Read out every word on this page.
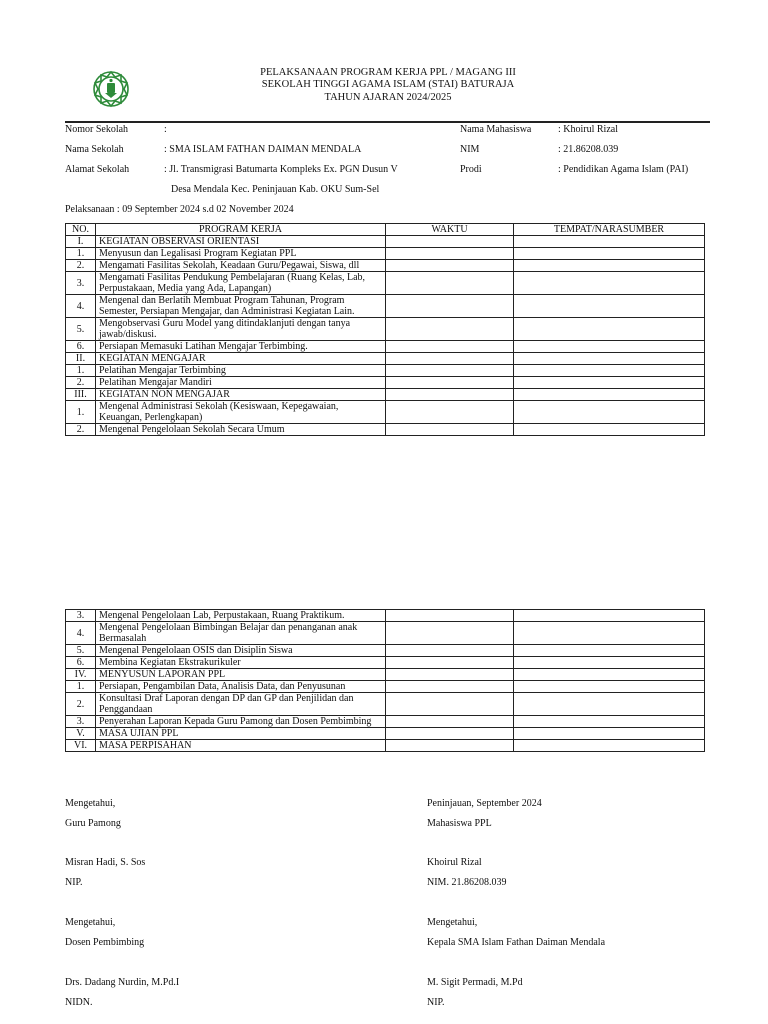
PELAKSANAAN PROGRAM KERJA PPL / MAGANG III
SEKOLAH TINGGI AGAMA ISLAM (STAI) BATURAJA
TAHUN AJARAN 2024/2025
Nomor Sekolah	:
Nama Sekolah	: SMA ISLAM FATHAN DAIMAN MENDALA
Alamat Sekolah	: Jl. Transmigrasi Batumarta Kompleks Ex. PGN Dusun V
Desa Mendala Kec. Peninjauan Kab. OKU Sum-Sel
Nama Mahasiswa	: Khoirul Rizal
NIM	: 21.86208.039
Prodi	: Pendidikan Agama Islam (PAI)
Pelaksanaan : 09 September 2024 s.d 02 November 2024
NO.	PROGRAM KERJA	WAKTU	TEMPAT/NARASUMBER
I.	KEGIATAN OBSERVASI ORIENTASI		
1.	Menyusun dan Legalisasi Program Kegiatan PPL		
2.	Mengamati Fasilitas Sekolah, Keadaan Guru/Pegawai, Siswa, dll		
3.	Mengamati Fasilitas Pendukung Pembelajaran (Ruang Kelas, Lab, Perpustakaan, Media yang Ada, Lapangan)		
4.	Mengenal dan Berlatih Membuat Program Tahunan, Program Semester, Persiapan Mengajar, dan Administrasi Kegiatan Lain.		
5.	Mengobservasi Guru Model yang ditindaklanjuti dengan tanya jawab/diskusi.		
6.	Persiapan Memasuki Latihan Mengajar Terbimbing.		
II.	KEGIATAN MENGAJAR		
1.	Pelatihan Mengajar Terbimbing		
2.	Pelatihan Mengajar Mandiri		
III.	KEGIATAN NON MENGAJAR		
1.	Mengenal Administrasi Sekolah (Kesiswaan, Kepegawaian, Keuangan, Perlengkapan)		
2.	Mengenal Pengelolaan Sekolah Secara Umum		
3.	Mengenal Pengelolaan Lab, Perpustakaan, Ruang Praktikum.		
4.	Mengenal Pengelolaan Bimbingan Belajar dan penanganan anak Bermasalah		
5.	Mengenal Pengelolaan OSIS dan Disiplin Siswa		
6.	Membina Kegiatan Ekstrakurikuler		
IV.	MENYUSUN LAPORAN PPL		
1.	Persiapan, Pengambilan Data, Analisis Data, dan Penyusunan		
2.	Konsultasi Draf Laporan dengan DP dan GP dan Penjilidan dan Penggandaan		
3.	Penyerahan Laporan Kepada Guru Pamong dan Dosen Pembimbing		
V.	MASA UJIAN PPL		
VI.	MASA PERPISAHAN		
Mengetahui,
Guru Pamong
Misran Hadi, S. Sos
NIP.
Peninjauan, September 2024
Mahasiswa PPL
Khoirul Rizal
NIM. 21.86208.039
Mengetahui,
Dosen Pembimbing
Drs. Dadang Nurdin, M.Pd.I
NIDN.
Mengetahui,
Kepala SMA Islam Fathan Daiman Mendala
M. Sigit Permadi, M.Pd
NIP.
